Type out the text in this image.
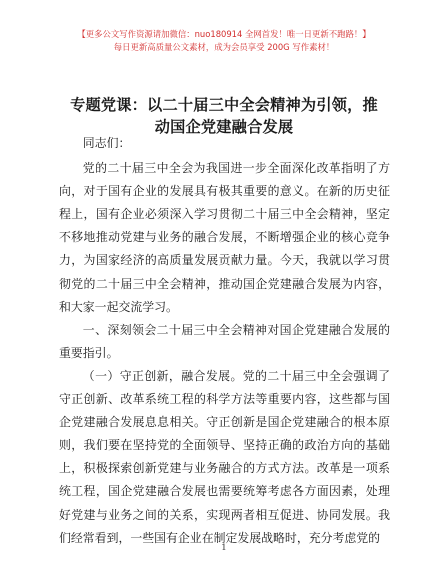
【更多公文写作资源请加微信：nuo180914 全网首发！唯一日更新不跑路！】
每日更新高质量公文素材，成为会员享受 200G 写作素材！
专题党课：以二十届三中全会精神为引领，推动国企党建融合发展

同志们：

党的二十届三中全会为我国进一步全面深化改革指明了方向，对于国有企业的发展具有极其重要的意义。在新的历史征程上，国有企业必须深入学习贯彻二十届三中全会精神，坚定不移地推动党建与业务的融合发展，不断增强企业的核心竞争力，为国家经济的高质量发展贡献力量。今天，我就以学习贯彻党的二十届三中全会精神，推动国企党建融合发展为内容，和大家一起交流学习。

一、深刻领会二十届三中全会精神对国企党建融合发展的重要指引。

（一）守正创新，融合发展。党的二十届三中全会强调了守正创新、改革系统工程的科学方法等重要内容，这些都与国企党建融合发展息息相关。守正创新是国企党建融合的根本原则，我们要在坚持党的全面领导、坚持正确的政治方向的基础上，积极探索创新党建与业务融合的方式方法。改革是一项系统工程，国企党建融合发展也需要统筹考虑各方面因素，处理好党建与业务之间的关系，实现两者相互促进、协同发展。我们经常看到，一些国有企业在制定发展战略时，充分考虑党的

1
